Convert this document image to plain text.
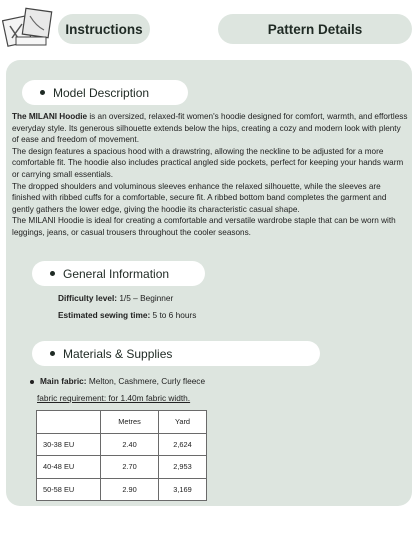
Instructions	Pattern Details
Model Description

The MILANI Hoodie is an oversized, relaxed-fit women's hoodie designed for comfort, warmth, and effortless everyday style. Its generous silhouette extends below the hips, creating a cozy and modern look with plenty of ease and freedom of movement.

The design features a spacious hood with a drawstring, allowing the neckline to be adjusted for a more comfortable fit. The hoodie also includes practical angled side pockets, perfect for keeping your hands warm or carrying small essentials.

The dropped shoulders and voluminous sleeves enhance the relaxed silhouette, while the sleeves are finished with ribbed cuffs for a comfortable, secure fit. A ribbed bottom band completes the garment and gently gathers the lower edge, giving the hoodie its characteristic casual shape.

The MILANI Hoodie is ideal for creating a comfortable and versatile wardrobe staple that can be worn with leggings, jeans, or casual trousers throughout the cooler seasons.

General Information
Difficulty level: 1/5 – Beginner
Estimated sewing time: 5 to 6 hours
Materials & Supplies
Main fabric: Melton, Cashmere, Curly fleece
fabric requirement: for 1.40m fabric width.
	Metres	Yard
30-38 EU	2.40	2,624
40-48 EU	2.70	2,953
50-58 EU	2.90	3,169
